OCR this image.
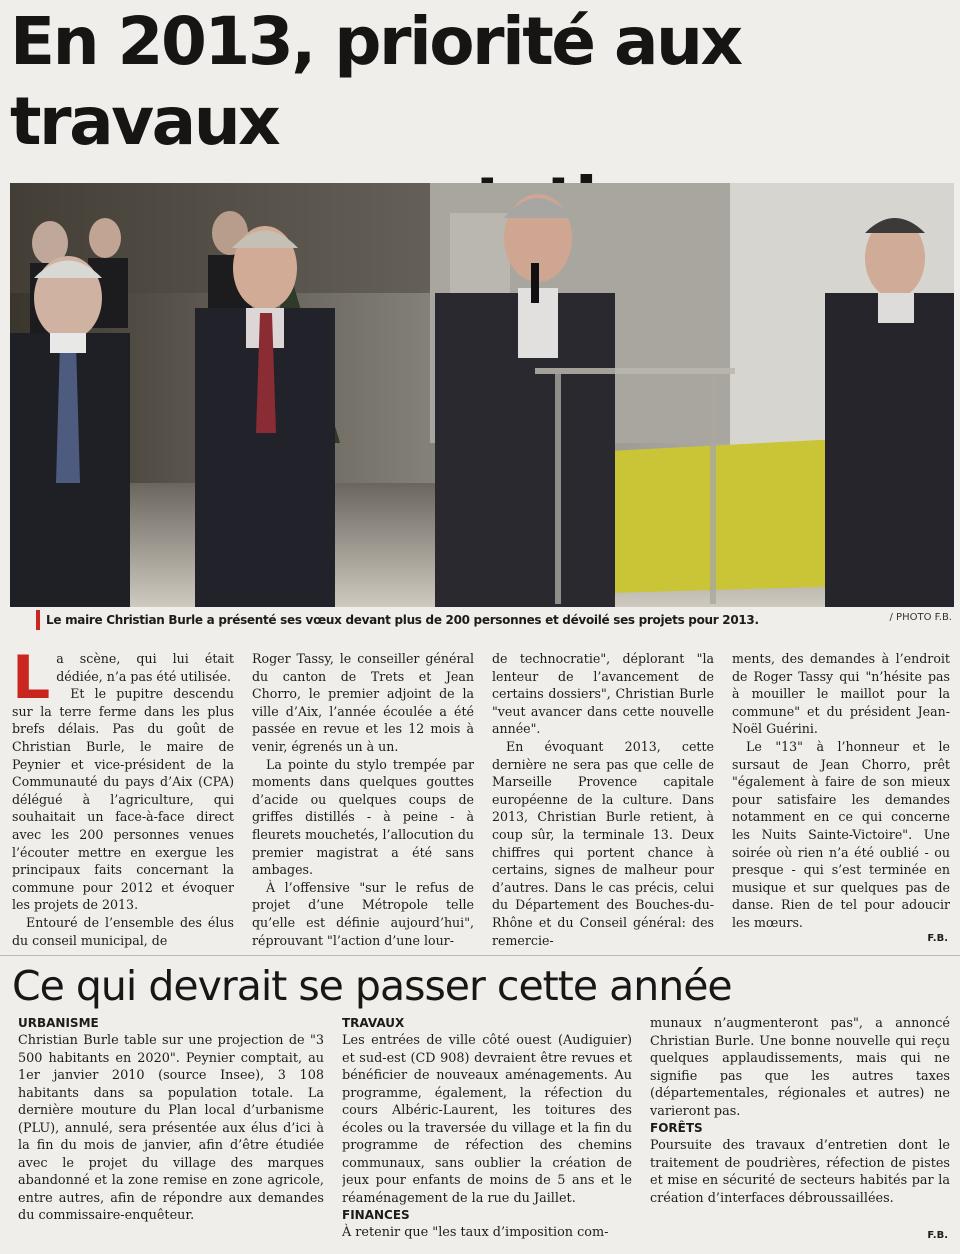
En 2013, priorité aux travaux

Le maire Christian Burle a présenté ses vœux devant plus de 200 personnes et dévoilé ses projets pour 2013.	/ PHOTO F.B.

La scène, qui lui était dédiée, n’a pas été utilisée.

Et le pupitre descendu sur la terre ferme dans les plus brefs délais. Pas du goût de Christian Burle, le maire de Peynier et vice-président de la Communauté du pays d’Aix (CPA) délégué à l’agriculture, qui souhaitait un face-à-face direct avec les 200 personnes venues l’écouter mettre en exergue les principaux faits concernant la commune pour 2012 et évoquer les projets de 2013.

Entouré de l’ensemble des élus du conseil municipal, de

Roger Tassy, le conseiller général du canton de Trets et Jean Chorro, le premier adjoint de la ville d’Aix, l’année écoulée a été passée en revue et les 12 mois à venir, égrenés un à un.

La pointe du stylo trempée par moments dans quelques gouttes d’acide ou quelques coups de griffes distillés - à peine - à fleurets mouchetés, l’allocution du premier magistrat a été sans ambages.

À l’offensive "sur le refus de projet d’une Métropole telle qu’elle est définie aujourd’hui", réprouvant "l’action d’une lour-

de technocratie", déplorant "la lenteur de l’avancement de certains dossiers", Christian Burle "veut avancer dans cette nouvelle année".

En évoquant 2013, cette dernière ne sera pas que celle de Marseille Provence capitale européenne de la culture. Dans 2013, Christian Burle retient, à coup sûr, la terminale 13. Deux chiffres qui portent chance à certains, signes de malheur pour d’autres. Dans le cas précis, celui du Département des Bouches-du-Rhône et du Conseil général: des remercie-

ments, des demandes à l’endroit de Roger Tassy qui "n’hésite pas à mouiller le maillot pour la commune" et du président Jean-Noël Guérini.

Le "13" à l’honneur et le sursaut de Jean Chorro, prêt "également à faire de son mieux pour satisfaire les demandes notamment en ce qui concerne les Nuits Sainte-Victoire". Une soirée où rien n’a été oublié - ou presque - qui s’est terminée en musique et sur quelques pas de danse. Rien de tel pour adoucir les mœurs.

F.B.
Ce qui devrait se passer cette année
URBANISME

Christian Burle table sur une projection de "3 500 habitants en 2020". Peynier comptait, au 1er janvier 2010 (source Insee), 3 108 habitants dans sa population totale. La dernière mouture du Plan local d’urbanisme (PLU), annulé, sera présentée aux élus d’ici à la fin du mois de janvier, afin d’être étudiée avec le projet du village des marques abandonné et la zone remise en zone agricole, entre autres, afin de répondre aux demandes du commissaire-enquêteur.

TRAVAUX

Les entrées de ville côté ouest (Audiguier) et sud-est (CD 908) devraient être revues et bénéficier de nouveaux aménagements. Au programme, également, la réfection du cours Albéric-Laurent, les toitures des écoles ou la traversée du village et la fin du programme de réfection des chemins communaux, sans oublier la création de jeux pour enfants de moins de 5 ans et le réaménagement de la rue du Jaillet.

FINANCES

À retenir que "les taux d’imposition com-

munaux n’augmenteront pas", a annoncé Christian Burle. Une bonne nouvelle qui reçu quelques applaudissements, mais qui ne signifie pas que les autres taxes (départementales, régionales et autres) ne varieront pas.

FORÊTS

Poursuite des travaux d’entretien dont le traitement de poudrières, réfection de pistes et mise en sécurité de secteurs habités par la création d’interfaces débroussaillées.

F.B.
